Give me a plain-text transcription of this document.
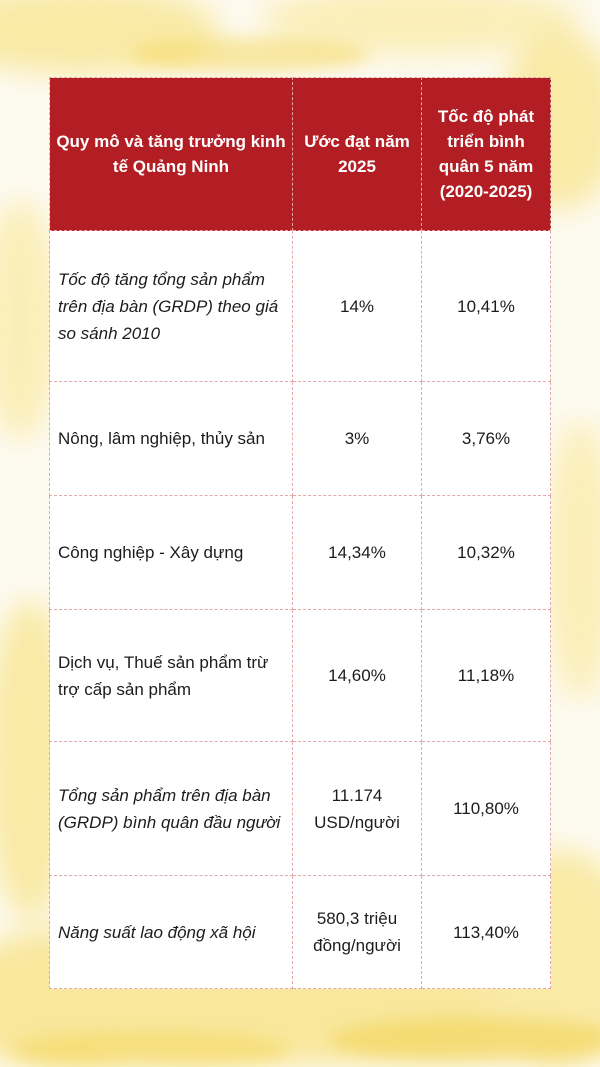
Quy mô và tăng trưởng kinh tế Quảng Ninh	Ước đạt năm 2025	Tốc độ phát triển bình quân 5 năm (2020-2025)
Tốc độ tăng tổng sản phẩm trên địa bàn (GRDP) theo giá so sánh 2010	14%	10,41%
Nông, lâm nghiệp, thủy sản	3%	3,76%
Công nghiệp - Xây dựng	14,34%	10,32%
Dịch vụ, Thuế sản phẩm trừ trợ cấp sản phẩm	14,60%	11,18%
Tổng sản phẩm trên địa bàn (GRDP) bình quân đầu người	11.174 USD/người	110,80%
Năng suất lao động xã hội	580,3 triệu đồng/người	113,40%
